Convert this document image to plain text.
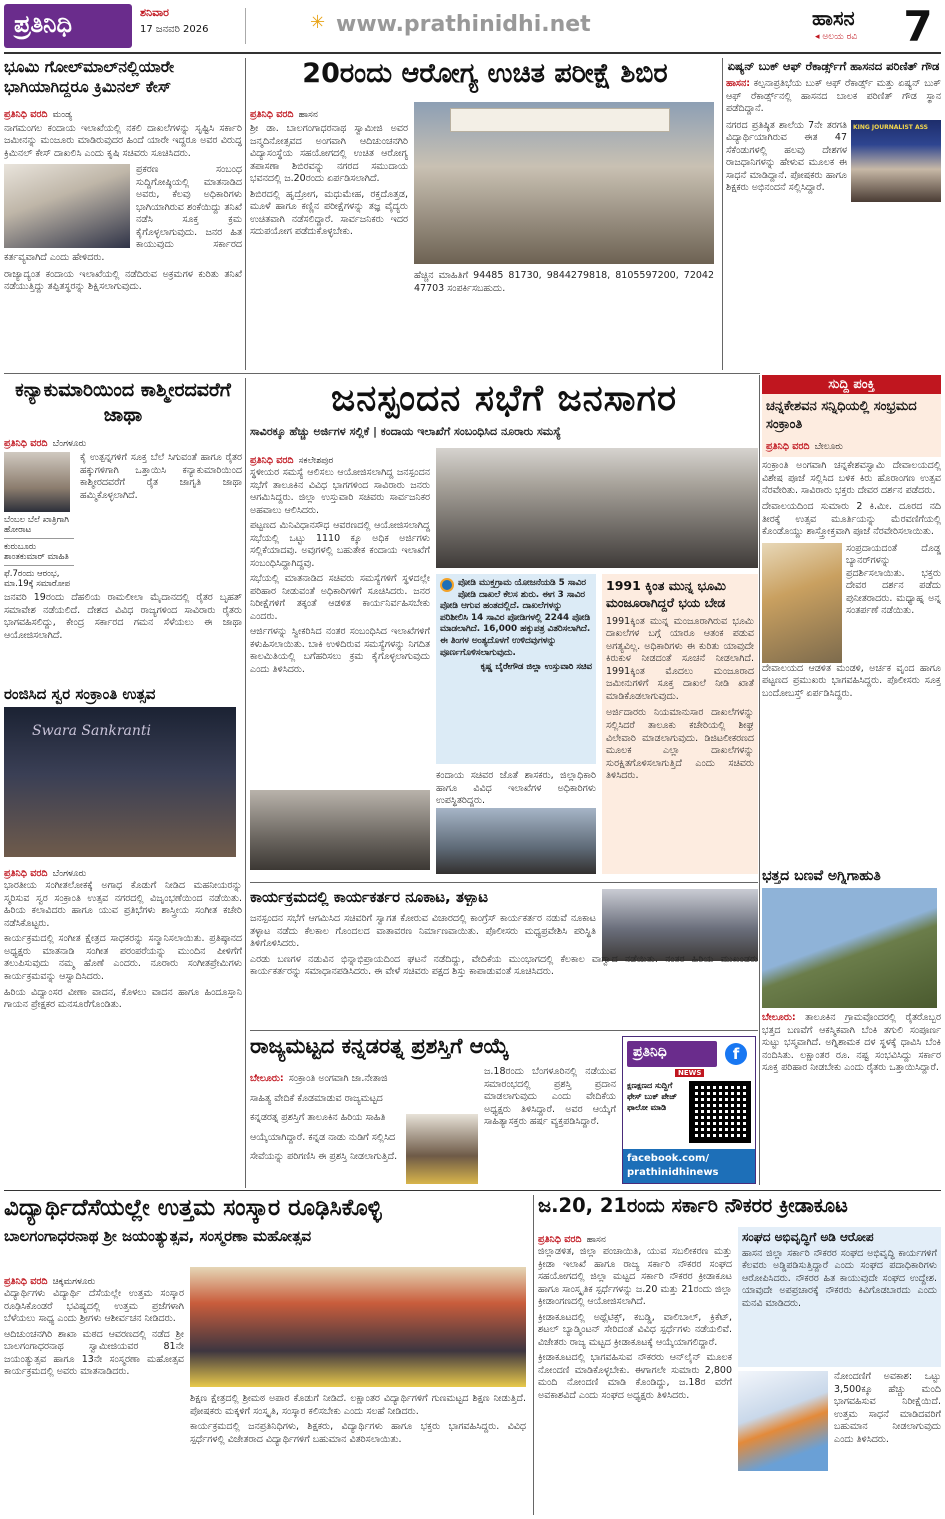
ಪ್ರತಿನಿಧಿ	ಶನಿವಾರ
17 ಜನವರಿ 2026	✳ www.prathinidhi.net	ಹಾಸನ
◂ ಅಲಯ ರವಿ	7
ಭೂಮಿ ಗೋಲ್‌ಮಾಲ್‌ನಲ್ಲಿಯಾರೇ ಭಾಗಿಯಾಗಿದ್ದರೂ ಕ್ರಿಮಿನಲ್ ಕೇಸ್
ಪ್ರತಿನಿಧಿ ವರದಿ ಮಂಡ್ಯ
ನಾಗಮಂಗಲ ಕಂದಾಯ ಇಲಾಖೆಯಲ್ಲಿ ನಕಲಿ ದಾಖಲೆಗಳನ್ನು ಸೃಷ್ಟಿಸಿ ಸರ್ಕಾರಿ ಜಮೀನನ್ನು ಮಂಜೂರು ಮಾಡಿರುವುದರ ಹಿಂದೆ ಯಾರೇ ಇದ್ದರೂ ಅವರ ವಿರುದ್ಧ ಕ್ರಿಮಿನಲ್ ಕೇಸ್ ದಾಖಲಿಸಿ ಎಂದು ಕೃಷಿ ಸಚಿವರು ಸೂಚಿಸಿದರು.
ಪ್ರಕರಣ ಸಂಬಂಧ ಸುದ್ದಿಗೋಷ್ಠಿಯಲ್ಲಿ ಮಾತನಾಡಿದ ಅವರು, ಕೆಲವು ಅಧಿಕಾರಿಗಳು ಭಾಗಿಯಾಗಿರುವ ಶಂಕೆಯಿದ್ದು ತನಿಖೆ ನಡೆಸಿ ಸೂಕ್ತ ಕ್ರಮ ಕೈಗೊಳ್ಳಲಾಗುವುದು. ಜನರ ಹಿತ ಕಾಯುವುದು ಸರ್ಕಾರದ ಕರ್ತವ್ಯವಾಗಿದೆ ಎಂದು ಹೇಳಿದರು.
ರಾಜ್ಯಾದ್ಯಂತ ಕಂದಾಯ ಇಲಾಖೆಯಲ್ಲಿ ನಡೆದಿರುವ ಅಕ್ರಮಗಳ ಕುರಿತು ತನಿಖೆ ನಡೆಯುತ್ತಿದ್ದು ತಪ್ಪಿತಸ್ಥರನ್ನು ಶಿಕ್ಷಿಸಲಾಗುವುದು.
20ರಂದು ಆರೋಗ್ಯ ಉಚಿತ ಪರೀಕ್ಷೆ ಶಿಬಿರ
ಪ್ರತಿನಿಧಿ ವರದಿ ಹಾಸನ
ಶ್ರೀ ಡಾ. ಬಾಲಗಂಗಾಧರನಾಥ ಸ್ವಾಮೀಜಿ ಅವರ ಜನ್ಮದಿನೋತ್ಸವದ ಅಂಗವಾಗಿ ಆದಿಚುಂಚನಗಿರಿ ವಿದ್ಯಾಸಂಸ್ಥೆಯ ಸಹಯೋಗದಲ್ಲಿ ಉಚಿತ ಆರೋಗ್ಯ ತಪಾಸಣಾ ಶಿಬಿರವನ್ನು ನಗರದ ಸಮುದಾಯ ಭವನದಲ್ಲಿ ಜ.20ರಂದು ಏರ್ಪಡಿಸಲಾಗಿದೆ.
ಶಿಬಿರದಲ್ಲಿ ಹೃದ್ರೋಗ, ಮಧುಮೇಹ, ರಕ್ತದೊತ್ತಡ, ಮೂಳೆ ಹಾಗೂ ಕಣ್ಣಿನ ಪರೀಕ್ಷೆಗಳನ್ನು ತಜ್ಞ ವೈದ್ಯರು ಉಚಿತವಾಗಿ ನಡೆಸಲಿದ್ದಾರೆ. ಸಾರ್ವಜನಿಕರು ಇದರ ಸದುಪಯೋಗ ಪಡೆದುಕೊಳ್ಳಬೇಕು.
ಹೆಚ್ಚಿನ ಮಾಹಿತಿಗೆ 94485 81730, 9844279818, 8105597200, 72042 47703 ಸಂಪರ್ಕಿಸಬಹುದು.
ಏಷ್ಯನ್ ಬುಕ್ ಆಫ್ ರೆಕಾರ್ಡ್ಸ್‌ಗೆ ಹಾಸನದ ಪರಿಣಿತ್ ಗೌಡ
ಹಾಸನ: ಕಲ್ಪನಾಪ್ರತಿಭೆಯ ಬುಕ್ ಆಫ್ ರೆಕಾರ್ಡ್ಸ್ ಮತ್ತು ಏಷ್ಯನ್ ಬುಕ್ ಆಫ್ ರೆಕಾರ್ಡ್ಸ್‌ನಲ್ಲಿ ಹಾಸನದ ಬಾಲಕ ಪರಿಣಿತ್ ಗೌಡ ಸ್ಥಾನ ಪಡೆದಿದ್ದಾನೆ.
KING JOURNALIST ASS
ನಗರದ ಪ್ರತಿಷ್ಠಿತ ಶಾಲೆಯ 7ನೇ ತರಗತಿ ವಿದ್ಯಾರ್ಥಿಯಾಗಿರುವ ಈತ 47 ಸೆಕೆಂಡುಗಳಲ್ಲಿ ಹಲವು ದೇಶಗಳ ರಾಜಧಾನಿಗಳನ್ನು ಹೇಳುವ ಮೂಲಕ ಈ ಸಾಧನೆ ಮಾಡಿದ್ದಾನೆ. ಪೋಷಕರು ಹಾಗೂ ಶಿಕ್ಷಕರು ಅಭಿನಂದನೆ ಸಲ್ಲಿಸಿದ್ದಾರೆ.
ಕನ್ಯಾಕುಮಾರಿಯಿಂದ ಕಾಶ್ಮೀರದವರೆಗೆ ಜಾಥಾ
ಪ್ರತಿನಿಧಿ ವರದಿ ಬೆಂಗಳೂರು
ಬೆಂಬಲ ಬೆಲೆ ಖಾತ್ರಿಗಾಗಿ ಹೋರಾಟ
ಕುರುಬೂರು ಶಾಂತಕುಮಾರ್ ಮಾಹಿತಿ
ಫೆ.7ರಂದು ಆರಂಭ, ಮಾ.19ಕ್ಕೆ ಸಮಾರೋಪ
ಕೈ ಉತ್ಪನ್ನಗಳಿಗೆ ಸೂಕ್ತ ಬೆಲೆ ಸಿಗುವಂತೆ ಹಾಗೂ ರೈತರ ಹಕ್ಕುಗಳಿಗಾಗಿ ಒತ್ತಾಯಿಸಿ ಕನ್ಯಾಕುಮಾರಿಯಿಂದ ಕಾಶ್ಮೀರದವರೆಗೆ ರೈತ ಜಾಗೃತಿ ಜಾಥಾ ಹಮ್ಮಿಕೊಳ್ಳಲಾಗಿದೆ.
ಜನವರಿ 19ರಂದು ದೆಹಲಿಯ ರಾಮಲೀಲಾ ಮೈದಾನದಲ್ಲಿ ರೈತರ ಬೃಹತ್ ಸಮಾವೇಶ ನಡೆಯಲಿದೆ. ದೇಶದ ವಿವಿಧ ರಾಜ್ಯಗಳಿಂದ ಸಾವಿರಾರು ರೈತರು ಭಾಗವಹಿಸಲಿದ್ದು, ಕೇಂದ್ರ ಸರ್ಕಾರದ ಗಮನ ಸೆಳೆಯಲು ಈ ಜಾಥಾ ಆಯೋಜಿಸಲಾಗಿದೆ.
ರಂಜಿಸಿದ ಸ್ವರ ಸಂಕ್ರಾಂತಿ ಉತ್ಸವ
Swara Sankranti
ಪ್ರತಿನಿಧಿ ವರದಿ ಬೆಂಗಳೂರು
ಭಾರತೀಯ ಸಂಗೀತಲೋಕಕ್ಕೆ ಅಗಾಧ ಕೊಡುಗೆ ನೀಡಿದ ಮಹನೀಯರನ್ನು ಸ್ಮರಿಸುವ ಸ್ವರ ಸಂಕ್ರಾಂತಿ ಉತ್ಸವ ನಗರದಲ್ಲಿ ವಿಜೃಂಭಣೆಯಿಂದ ನಡೆಯಿತು. ಹಿರಿಯ ಕಲಾವಿದರು ಹಾಗೂ ಯುವ ಪ್ರತಿಭೆಗಳು ಶಾಸ್ತ್ರೀಯ ಸಂಗೀತ ಕಚೇರಿ ನಡೆಸಿಕೊಟ್ಟರು.
ಕಾರ್ಯಕ್ರಮದಲ್ಲಿ ಸಂಗೀತ ಕ್ಷೇತ್ರದ ಸಾಧಕರನ್ನು ಸನ್ಮಾನಿಸಲಾಯಿತು. ಪ್ರತಿಷ್ಠಾನದ ಅಧ್ಯಕ್ಷರು ಮಾತನಾಡಿ ಸಂಗೀತ ಪರಂಪರೆಯನ್ನು ಮುಂದಿನ ಪೀಳಿಗೆಗೆ ತಲುಪಿಸುವುದು ನಮ್ಮ ಹೊಣೆ ಎಂದರು. ನೂರಾರು ಸಂಗೀತಪ್ರೇಮಿಗಳು ಕಾರ್ಯಕ್ರಮವನ್ನು ಆಸ್ವಾದಿಸಿದರು.
ಹಿರಿಯ ವಿದ್ವಾಂಸರ ವೀಣಾ ವಾದನ, ಕೊಳಲು ವಾದನ ಹಾಗೂ ಹಿಂದೂಸ್ತಾನಿ ಗಾಯನ ಪ್ರೇಕ್ಷಕರ ಮನಸೂರೆಗೊಂಡಿತು.
ಜನಸ್ಪಂದನ ಸಭೆಗೆ ಜನಸಾಗರ
ಸಾವಿರಕ್ಕೂ ಹೆಚ್ಚು ಅರ್ಜಿಗಳ ಸಲ್ಲಿಕೆ | ಕಂದಾಯ ಇಲಾಖೆಗೆ ಸಂಬಂಧಿಸಿದ ನೂರಾರು ಸಮಸ್ಯೆ
ಪ್ರತಿನಿಧಿ ವರದಿ ಸಕಲೇಶಪುರ
ಸ್ಥಳೀಯರ ಸಮಸ್ಯೆ ಆಲಿಸಲು ಆಯೋಜಿಸಲಾಗಿದ್ದ ಜನಸ್ಪಂದನ ಸಭೆಗೆ ತಾಲೂಕಿನ ವಿವಿಧ ಭಾಗಗಳಿಂದ ಸಾವಿರಾರು ಜನರು ಆಗಮಿಸಿದ್ದರು. ಜಿಲ್ಲಾ ಉಸ್ತುವಾರಿ ಸಚಿವರು ಸಾರ್ವಜನಿಕರ ಅಹವಾಲು ಆಲಿಸಿದರು.
ಪಟ್ಟಣದ ಮಿನಿವಿಧಾನಸೌಧ ಆವರಣದಲ್ಲಿ ಆಯೋಜಿಸಲಾಗಿದ್ದ ಸಭೆಯಲ್ಲಿ ಒಟ್ಟು 1110 ಕ್ಕೂ ಅಧಿಕ ಅರ್ಜಿಗಳು ಸಲ್ಲಿಕೆಯಾದವು. ಅವುಗಳಲ್ಲಿ ಬಹುತೇಕ ಕಂದಾಯ ಇಲಾಖೆಗೆ ಸಂಬಂಧಿಸಿದ್ದಾಗಿದ್ದವು.
ಸಭೆಯಲ್ಲಿ ಮಾತನಾಡಿದ ಸಚಿವರು ಸಮಸ್ಯೆಗಳಿಗೆ ಸ್ಥಳದಲ್ಲೇ ಪರಿಹಾರ ನೀಡುವಂತೆ ಅಧಿಕಾರಿಗಳಿಗೆ ಸೂಚಿಸಿದರು. ಜನರ ನಿರೀಕ್ಷೆಗಳಿಗೆ ತಕ್ಕಂತೆ ಆಡಳಿತ ಕಾರ್ಯನಿರ್ವಹಿಸಬೇಕು ಎಂದರು.
ಆರ್ಜಿಗಳನ್ನು ಸ್ವೀಕರಿಸಿದ ನಂತರ ಸಂಬಂಧಿಸಿದ ಇಲಾಖೆಗಳಿಗೆ ಕಳುಹಿಸಲಾಯಿತು. ಬಾಕಿ ಉಳಿದಿರುವ ಸಮಸ್ಯೆಗಳನ್ನು ನಿಗದಿತ ಕಾಲಮಿತಿಯಲ್ಲಿ ಬಗೆಹರಿಸಲು ಕ್ರಮ ಕೈಗೊಳ್ಳಲಾಗುವುದು ಎಂದು ತಿಳಿಸಿದರು.
ಪೋಡಿ ಮುಕ್ತಗ್ರಾಮ ಯೋಜನೆಯಡಿ 5 ಸಾವಿರ ಪೋಡಿ ದಾಖಲೆ ಕೆಲಸ ಶುರು. ಈಗ 3 ಸಾವಿರ ಪೋಡಿ ಆಗುವ ಹಂತದಲ್ಲಿದೆ. ದಾಖಲೆಗಳನ್ನು ಪರಿಶೀಲಿಸಿ 14 ಸಾವಿರ ಪೋಡಿಗಳಲ್ಲಿ 2244 ಪೋಡಿ ಮಾಡಲಾಗಿದೆ. 16,000 ಹಕ್ಕುಪತ್ರ ವಿತರಿಸಲಾಗಿದೆ. ಈ ತಿಂಗಳ ಅಂತ್ಯದೊಳಗೆ ಉಳಿದವುಗಳನ್ನು ಪೂರ್ಣಗೊಳಿಸಲಾಗುವುದು.
ಕೃಷ್ಣ ಬೈರೇಗೌಡ ಜಿಲ್ಲಾ ಉಸ್ತುವಾರಿ ಸಚಿವ
ಕಂದಾಯ ಸಚಿವರ ಜೊತೆ ಶಾಸಕರು, ಜಿಲ್ಲಾಧಿಕಾರಿ ಹಾಗೂ ವಿವಿಧ ಇಲಾಖೆಗಳ ಅಧಿಕಾರಿಗಳು ಉಪಸ್ಥಿತರಿದ್ದರು.
1991 ಕ್ಕಿಂತ ಮುನ್ನ ಭೂಮಿ ಮಂಜೂರಾಗಿದ್ದರೆ ಭಯ ಬೇಡ
1991ಕ್ಕಿಂತ ಮುನ್ನ ಮಂಜೂರಾಗಿರುವ ಭೂಮಿ ದಾಖಲೆಗಳ ಬಗ್ಗೆ ಯಾರೂ ಆತಂಕ ಪಡುವ ಅಗತ್ಯವಿಲ್ಲ. ಅಧಿಕಾರಿಗಳು ಈ ಕುರಿತು ಯಾವುದೇ ಕಿರುಕುಳ ನೀಡದಂತೆ ಸೂಚನೆ ನೀಡಲಾಗಿದೆ. 1991ಕ್ಕಿಂತ ಮೊದಲು ಮಂಜೂರಾದ ಜಮೀನುಗಳಿಗೆ ಸೂಕ್ತ ದಾಖಲೆ ನೀಡಿ ಖಾತೆ ಮಾಡಿಕೊಡಲಾಗುವುದು.
ಅರ್ಜಿದಾರರು ನಿಯಮಾನುಸಾರ ದಾಖಲೆಗಳನ್ನು ಸಲ್ಲಿಸಿದರೆ ತಾಲೂಕು ಕಚೇರಿಯಲ್ಲಿ ಶೀಘ್ರ ವಿಲೇವಾರಿ ಮಾಡಲಾಗುವುದು. ಡಿಜಿಟಲೀಕರಣದ ಮೂಲಕ ಎಲ್ಲಾ ದಾಖಲೆಗಳನ್ನು ಸುರಕ್ಷಿತಗೊಳಿಸಲಾಗುತ್ತಿದೆ ಎಂದು ಸಚಿವರು ತಿಳಿಸಿದರು.
ಕಾರ್ಯಕ್ರಮದಲ್ಲಿ ಕಾರ್ಯಕರ್ತರ ನೂಕಾಟ, ತಳ್ಳಾಟ
ಜನಸ್ಪಂದನ ಸಭೆಗೆ ಆಗಮಿಸಿದ ಸಚಿವರಿಗೆ ಸ್ವಾಗತ ಕೋರುವ ವಿಚಾರದಲ್ಲಿ ಕಾಂಗ್ರೆಸ್ ಕಾರ್ಯಕರ್ತರ ನಡುವೆ ನೂಕಾಟ ತಳ್ಳಾಟ ನಡೆದು ಕೆಲಕಾಲ ಗೊಂದಲದ ವಾತಾವರಣ ನಿರ್ಮಾಣವಾಯಿತು. ಪೊಲೀಸರು ಮಧ್ಯಪ್ರವೇಶಿಸಿ ಪರಿಸ್ಥಿತಿ ತಿಳಿಗೊಳಿಸಿದರು.
ಎರಡು ಬಣಗಳ ನಡುವಿನ ಭಿನ್ನಾಭಿಪ್ರಾಯದಿಂದ ಘಟನೆ ನಡೆದಿದ್ದು, ವೇದಿಕೆಯ ಮುಂಭಾಗದಲ್ಲಿ ಕೆಲಕಾಲ ವಾಗ್ವಾದ ನಡೆಯಿತು. ನಂತರ ಹಿರಿಯ ಮುಖಂಡರು ಕಾರ್ಯಕರ್ತರನ್ನು ಸಮಾಧಾನಪಡಿಸಿದರು. ಈ ವೇಳೆ ಸಚಿವರು ಪಕ್ಷದ ಶಿಸ್ತು ಕಾಪಾಡುವಂತೆ ಸೂಚಿಸಿದರು.
ರಾಜ್ಯಮಟ್ಟದ ಕನ್ನಡರತ್ನ ಪ್ರಶಸ್ತಿಗೆ ಆಯ್ಕೆ
ಬೇಲೂರು: ಸಂಕ್ರಾಂತಿ ಅಂಗವಾಗಿ ಜಾ.ನೇತಾಜಿ ಸಾಹಿತ್ಯ ವೇದಿಕೆ ಕೊಡಮಾಡುವ ರಾಜ್ಯಮಟ್ಟದ ಕನ್ನಡರತ್ನ ಪ್ರಶಸ್ತಿಗೆ ತಾಲೂಕಿನ ಹಿರಿಯ ಸಾಹಿತಿ ಆಯ್ಕೆಯಾಗಿದ್ದಾರೆ. ಕನ್ನಡ ನಾಡು ನುಡಿಗೆ ಸಲ್ಲಿಸಿದ ಸೇವೆಯನ್ನು ಪರಿಗಣಿಸಿ ಈ ಪ್ರಶಸ್ತಿ ನೀಡಲಾಗುತ್ತಿದೆ.
ಜ.18ರಂದು ಬೆಂಗಳೂರಿನಲ್ಲಿ ನಡೆಯುವ ಸಮಾರಂಭದಲ್ಲಿ ಪ್ರಶಸ್ತಿ ಪ್ರದಾನ ಮಾಡಲಾಗುವುದು ಎಂದು ವೇದಿಕೆಯ ಅಧ್ಯಕ್ಷರು ತಿಳಿಸಿದ್ದಾರೆ. ಅವರ ಆಯ್ಕೆಗೆ ಸಾಹಿತ್ಯಾಸಕ್ತರು ಹರ್ಷ ವ್ಯಕ್ತಪಡಿಸಿದ್ದಾರೆ.
ಪ್ರತಿನಿಧಿ	f
NEWS
ಕ್ಷಣಕ್ಷಣದ ಸುದ್ದಿಗೆ ಫೇಸ್ ಬುಕ್ ಪೇಜ್ ಫಾಲೋ ಮಾಡಿ
facebook.com/ prathinidhinews
ಸುದ್ದಿ ಪಂಕ್ತಿ
ಚನ್ನಕೇಶವನ ಸನ್ನಿಧಿಯಲ್ಲಿ ಸಂಭ್ರಮದ ಸಂಕ್ರಾಂತಿ
ಪ್ರತಿನಿಧಿ ವರದಿ ಬೇಲೂರು
ಸಂಕ್ರಾಂತಿ ಅಂಗವಾಗಿ ಚನ್ನಕೇಶವಸ್ವಾಮಿ ದೇವಾಲಯದಲ್ಲಿ ವಿಶೇಷ ಪೂಜೆ ಸಲ್ಲಿಸಿದ ಬಳಿಕ ಕಿರು ಹೊರಾಂಗಣ ಉತ್ಸವ ನೆರವೇರಿತು. ಸಾವಿರಾರು ಭಕ್ತರು ದೇವರ ದರ್ಶನ ಪಡೆದರು.
ದೇವಾಲಯದಿಂದ ಸುಮಾರು 2 ಕಿ.ಮೀ. ದೂರದ ನದಿ ತೀರಕ್ಕೆ ಉತ್ಸವ ಮೂರ್ತಿಯನ್ನು ಮೆರವಣಿಗೆಯಲ್ಲಿ ಕೊಂಡೊಯ್ದು ಶಾಸ್ತ್ರೋಕ್ತವಾಗಿ ಪೂಜೆ ನೆರವೇರಿಸಲಾಯಿತು.
ಸಂಪ್ರದಾಯದಂತೆ ದೊಡ್ಡ ಬ್ಯಾನರ್‌ಗಳನ್ನು ಪ್ರದರ್ಶಿಸಲಾಯಿತು. ಭಕ್ತರು ದೇವರ ದರ್ಶನ ಪಡೆದು ಪುನೀತರಾದರು. ಮಧ್ಯಾಹ್ನ ಅನ್ನ ಸಂತರ್ಪಣೆ ನಡೆಯಿತು.
ದೇವಾಲಯದ ಆಡಳಿತ ಮಂಡಳಿ, ಅರ್ಚಕ ವೃಂದ ಹಾಗೂ ಪಟ್ಟಣದ ಪ್ರಮುಖರು ಭಾಗವಹಿಸಿದ್ದರು. ಪೊಲೀಸರು ಸೂಕ್ತ ಬಂದೋಬಸ್ತ್ ಏರ್ಪಡಿಸಿದ್ದರು.
ಭತ್ತದ ಬಣವೆ ಅಗ್ನಿಗಾಹುತಿ
ಬೇಲೂರು: ತಾಲೂಕಿನ ಗ್ರಾಮವೊಂದರಲ್ಲಿ ರೈತರೊಬ್ಬರ ಭತ್ತದ ಬಣವೆಗೆ ಆಕಸ್ಮಿಕವಾಗಿ ಬೆಂಕಿ ತಗುಲಿ ಸಂಪೂರ್ಣ ಸುಟ್ಟು ಭಸ್ಮವಾಗಿದೆ. ಅಗ್ನಿಶಾಮಕ ದಳ ಸ್ಥಳಕ್ಕೆ ಧಾವಿಸಿ ಬೆಂಕಿ ನಂದಿಸಿತು. ಲಕ್ಷಾಂತರ ರೂ. ನಷ್ಟ ಸಂಭವಿಸಿದ್ದು ಸರ್ಕಾರ ಸೂಕ್ತ ಪರಿಹಾರ ನೀಡಬೇಕು ಎಂದು ರೈತರು ಒತ್ತಾಯಿಸಿದ್ದಾರೆ.
ವಿದ್ಯಾರ್ಥಿದೆಸೆಯಲ್ಲೇ ಉತ್ತಮ ಸಂಸ್ಕಾರ ರೂಢಿಸಿಕೊಳ್ಳಿ
ಬಾಲಗಂಗಾಧರನಾಥ ಶ್ರೀ ಜಯಂತ್ಯುತ್ಸವ, ಸಂಸ್ಮರಣಾ ಮಹೋತ್ಸವ
ಪ್ರತಿನಿಧಿ ವರದಿ ಚಿಕ್ಕಮಗಳೂರು
ವಿದ್ಯಾರ್ಥಿಗಳು ವಿದ್ಯಾರ್ಥಿ ದೆಸೆಯಲ್ಲೇ ಉತ್ತಮ ಸಂಸ್ಕಾರ ರೂಢಿಸಿಕೊಂಡರೆ ಭವಿಷ್ಯದಲ್ಲಿ ಉತ್ತಮ ಪ್ರಜೆಗಳಾಗಿ ಬೆಳೆಯಲು ಸಾಧ್ಯ ಎಂದು ಶ್ರೀಗಳು ಆಶೀರ್ವಚನ ನೀಡಿದರು.
ಆದಿಚುಂಚನಗಿರಿ ಶಾಖಾ ಮಠದ ಆವರಣದಲ್ಲಿ ನಡೆದ ಶ್ರೀ ಬಾಲಗಂಗಾಧರನಾಥ ಸ್ವಾಮೀಜಿಯವರ 81ನೇ ಜಯಂತ್ಯುತ್ಸವ ಹಾಗೂ 13ನೇ ಸಂಸ್ಮರಣಾ ಮಹೋತ್ಸವ ಕಾರ್ಯಕ್ರಮದಲ್ಲಿ ಅವರು ಮಾತನಾಡಿದರು.
ಶಿಕ್ಷಣ ಕ್ಷೇತ್ರದಲ್ಲಿ ಶ್ರೀಮಠ ಅಪಾರ ಕೊಡುಗೆ ನೀಡಿದೆ. ಲಕ್ಷಾಂತರ ವಿದ್ಯಾರ್ಥಿಗಳಿಗೆ ಗುಣಮಟ್ಟದ ಶಿಕ್ಷಣ ನೀಡುತ್ತಿದೆ. ಪೋಷಕರು ಮಕ್ಕಳಿಗೆ ಸಂಸ್ಕೃತಿ, ಸಂಸ್ಕಾರ ಕಲಿಸಬೇಕು ಎಂದು ಸಲಹೆ ನೀಡಿದರು.
ಕಾರ್ಯಕ್ರಮದಲ್ಲಿ ಜನಪ್ರತಿನಿಧಿಗಳು, ಶಿಕ್ಷಕರು, ವಿದ್ಯಾರ್ಥಿಗಳು ಹಾಗೂ ಭಕ್ತರು ಭಾಗವಹಿಸಿದ್ದರು. ವಿವಿಧ ಸ್ಪರ್ಧೆಗಳಲ್ಲಿ ವಿಜೇತರಾದ ವಿದ್ಯಾರ್ಥಿಗಳಿಗೆ ಬಹುಮಾನ ವಿತರಿಸಲಾಯಿತು.
ಜ.20, 21ರಂದು ಸರ್ಕಾರಿ ನೌಕರರ ಕ್ರೀಡಾಕೂಟ
ಪ್ರತಿನಿಧಿ ವರದಿ ಹಾಸನ
ಜಿಲ್ಲಾಡಳಿತ, ಜಿಲ್ಲಾ ಪಂಚಾಯಿತಿ, ಯುವ ಸಬಲೀಕರಣ ಮತ್ತು ಕ್ರೀಡಾ ಇಲಾಖೆ ಹಾಗೂ ರಾಜ್ಯ ಸರ್ಕಾರಿ ನೌಕರರ ಸಂಘದ ಸಹಯೋಗದಲ್ಲಿ ಜಿಲ್ಲಾ ಮಟ್ಟದ ಸರ್ಕಾರಿ ನೌಕರರ ಕ್ರೀಡಾಕೂಟ ಹಾಗೂ ಸಾಂಸ್ಕೃತಿಕ ಸ್ಪರ್ಧೆಗಳನ್ನು ಜ.20 ಮತ್ತು 21ರಂದು ಜಿಲ್ಲಾ ಕ್ರೀಡಾಂಗಣದಲ್ಲಿ ಆಯೋಜಿಸಲಾಗಿದೆ.
ಕ್ರೀಡಾಕೂಟದಲ್ಲಿ ಅಥ್ಲೆಟಿಕ್ಸ್, ಕಬಡ್ಡಿ, ವಾಲಿಬಾಲ್, ಕ್ರಿಕೆಟ್, ಶಟಲ್ ಬ್ಯಾಡ್ಮಿಂಟನ್ ಸೇರಿದಂತೆ ವಿವಿಧ ಸ್ಪರ್ಧೆಗಳು ನಡೆಯಲಿವೆ. ವಿಜೇತರು ರಾಜ್ಯ ಮಟ್ಟದ ಕ್ರೀಡಾಕೂಟಕ್ಕೆ ಆಯ್ಕೆಯಾಗಲಿದ್ದಾರೆ.
ಕ್ರೀಡಾಕೂಟದಲ್ಲಿ ಭಾಗವಹಿಸುವ ನೌಕರರು ಆನ್‌ಲೈನ್ ಮೂಲಕ ನೋಂದಣಿ ಮಾಡಿಕೊಳ್ಳಬೇಕು. ಈಗಾಗಲೇ ಸುಮಾರು 2,800 ಮಂದಿ ನೋಂದಣಿ ಮಾಡಿ ಕೊಂಡಿದ್ದು, ಜ.18ರ ವರೆಗೆ ಅವಕಾಶವಿದೆ ಎಂದು ಸಂಘದ ಅಧ್ಯಕ್ಷರು ತಿಳಿಸಿದರು.
ಸಂಘದ ಅಭಿವೃದ್ಧಿಗೆ ಅಡಿ ಆರೋಪ
ಹಾಸನ ಜಿಲ್ಲಾ ಸರ್ಕಾರಿ ನೌಕರರ ಸಂಘದ ಅಭಿವೃದ್ಧಿ ಕಾರ್ಯಗಳಿಗೆ ಕೆಲವರು ಅಡ್ಡಿಪಡಿಸುತ್ತಿದ್ದಾರೆ ಎಂದು ಸಂಘದ ಪದಾಧಿಕಾರಿಗಳು ಆರೋಪಿಸಿದರು. ನೌಕರರ ಹಿತ ಕಾಯುವುದೇ ಸಂಘದ ಉದ್ದೇಶ. ಯಾವುದೇ ಅಪಪ್ರಚಾರಕ್ಕೆ ನೌಕರರು ಕಿವಿಗೊಡಬಾರದು ಎಂದು ಮನವಿ ಮಾಡಿದರು.
ನೋಂದಣಿಗೆ ಅವಕಾಶ: ಒಟ್ಟು 3,500ಕ್ಕೂ ಹೆಚ್ಚು ಮಂದಿ ಭಾಗವಹಿಸುವ ನಿರೀಕ್ಷೆಯಿದೆ. ಉತ್ತಮ ಸಾಧನೆ ಮಾಡಿದವರಿಗೆ ಬಹುಮಾನ ನೀಡಲಾಗುವುದು ಎಂದು ತಿಳಿಸಿದರು.
